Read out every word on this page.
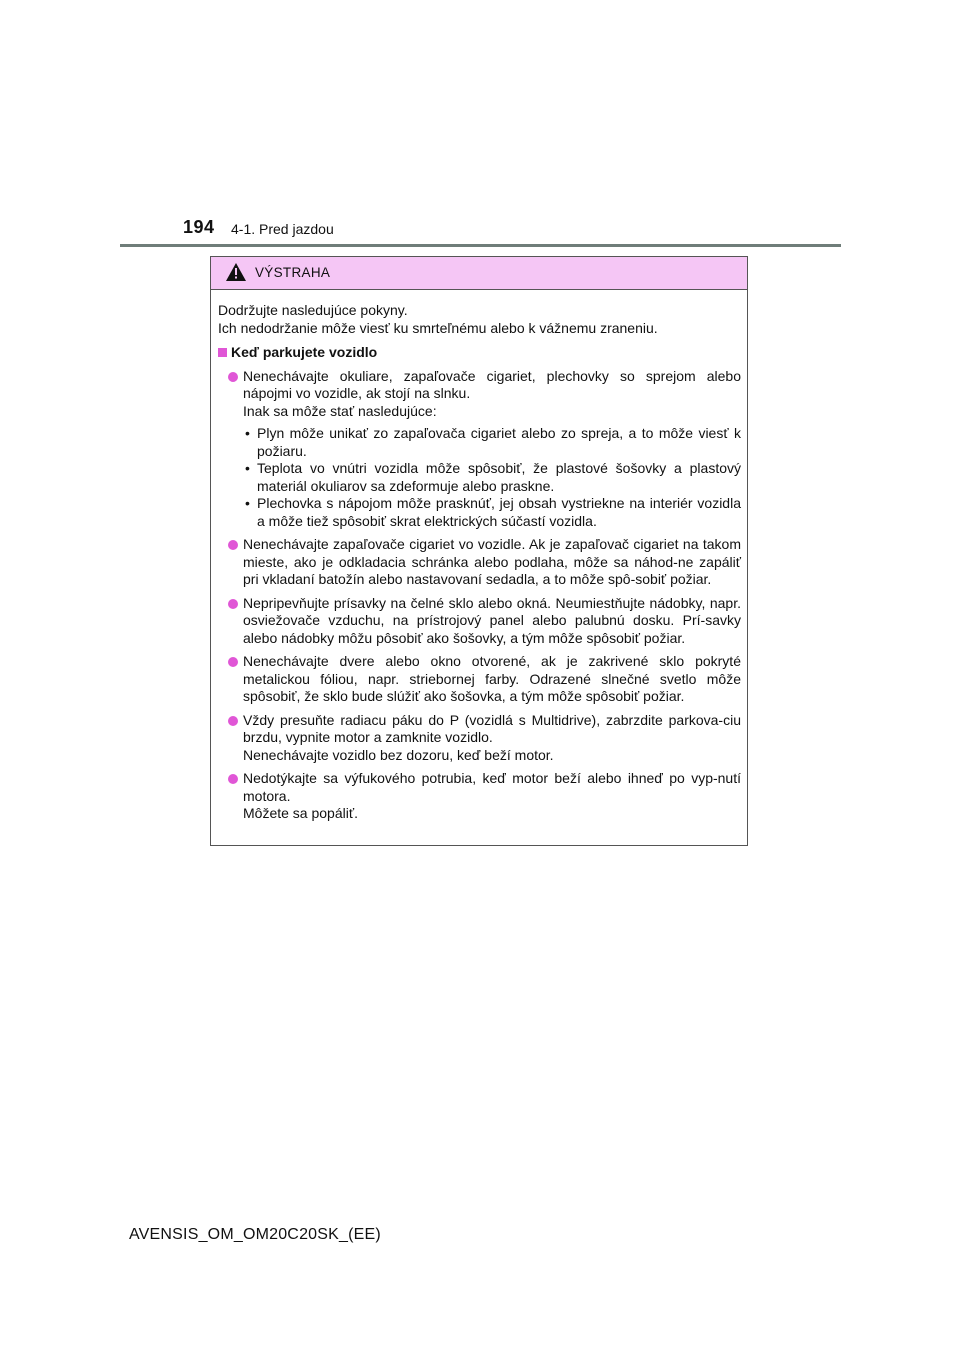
194 4-1. Pred jazdou
VÝSTRAHA

Dodržujte nasledujúce pokyny.

Ich nedodržanie môže viesť ku smrteľnému alebo k vážnemu zraneniu.

Keď parkujete vozidlo

Nenechávajte okuliare, zapaľovače cigariet, plechovky so sprejom alebo nápojmi vo vozidle, ak stojí na slnku.

Inak sa môže stať nasledujúce:

• Plyn môže unikať zo zapaľovača cigariet alebo zo spreja, a to môže viesť k požiaru.
• Teplota vo vnútri vozidla môže spôsobiť, že plastové šošovky a plastový materiál okuliarov sa zdeformuje alebo praskne.
• Plechovka s nápojom môže prasknúť, jej obsah vystriekne na interiér vozidla a môže tiež spôsobiť skrat elektrických súčastí vozidla.

Nenechávajte zapaľovače cigariet vo vozidle. Ak je zapaľovač cigariet na takom mieste, ako je odkladacia schránka alebo podlaha, môže sa náhod-ne zapáliť pri vkladaní batožín alebo nastavovaní sedadla, a to môže spô-sobiť požiar.

Nepripevňujte prísavky na čelné sklo alebo okná. Neumiestňujte nádobky, napr. osviežovače vzduchu, na prístrojový panel alebo palubnú dosku. Prí-savky alebo nádobky môžu pôsobiť ako šošovky, a tým môže spôsobiť požiar.

Nenechávajte dvere alebo okno otvorené, ak je zakrivené sklo pokryté metalickou fóliou, napr. striebornej farby. Odrazené slnečné svetlo môže spôsobiť, že sklo bude slúžiť ako šošovka, a tým môže spôsobiť požiar.

Vždy presuňte radiacu páku do P (vozidlá s Multidrive), zabrzdite parkova-ciu brzdu, vypnite motor a zamknite vozidlo.

Nenechávajte vozidlo bez dozoru, keď beží motor.

Nedotýkajte sa výfukového potrubia, keď motor beží alebo ihneď po vyp-nutí motora.

Môžete sa popáliť.

AVENSIS_OM_OM20C20SK_(EE)
